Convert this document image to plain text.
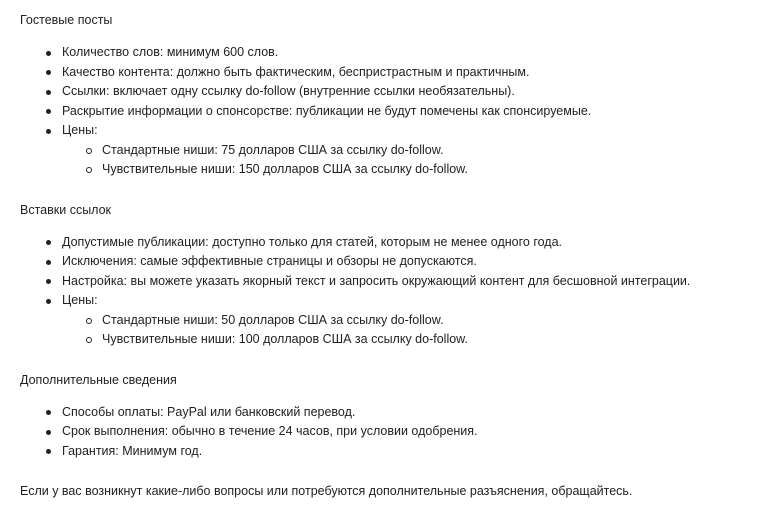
Гостевые посты

Количество слов: минимум 600 слов.
Качество контента: должно быть фактическим, беспристрастным и практичным.
Ссылки: включает одну ссылку do-follow (внутренние ссылки необязательны).
Раскрытие информации о спонсорстве: публикации не будут помечены как спонсируемые.
Цены:
Стандартные ниши: 75 долларов США за ссылку do-follow.
Чувствительные ниши: 150 долларов США за ссылку do-follow.

Вставки ссылок

Допустимые публикации: доступно только для статей, которым не менее одного года.
Исключения: самые эффективные страницы и обзоры не допускаются.
Настройка: вы можете указать якорный текст и запросить окружающий контент для бесшовной интеграции.
Цены:
Стандартные ниши: 50 долларов США за ссылку do-follow.
Чувствительные ниши: 100 долларов США за ссылку do-follow.

Дополнительные сведения

Способы оплаты: PayPal или банковский перевод.
Срок выполнения: обычно в течение 24 часов, при условии одобрения.
Гарантия: Минимум год.

Если у вас возникнут какие-либо вопросы или потребуются дополнительные разъяснения, обращайтесь.
